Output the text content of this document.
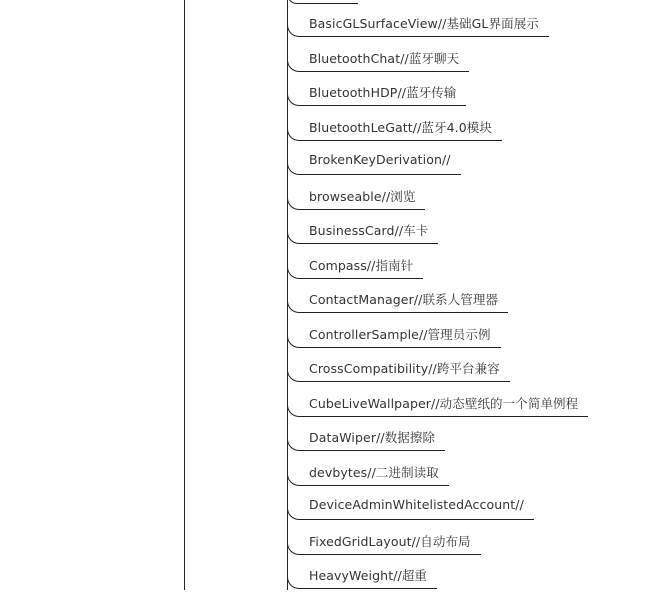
BasicGLSurfaceView//基础GL界面展示
BluetoothChat//蓝牙聊天
BluetoothHDP//蓝牙传输
BluetoothLeGatt//蓝牙4.0模块
BrokenKeyDerivation//
browseable//浏览
BusinessCard//车卡
Compass//指南针
ContactManager//联系人管理器
ControllerSample//管理员示例
CrossCompatibility//跨平台兼容
CubeLiveWallpaper//动态壁纸的一个简单例程
DataWiper//数据擦除
devbytes//二进制读取
DeviceAdminWhitelistedAccount//
FixedGridLayout//自动布局
HeavyWeight//超重
